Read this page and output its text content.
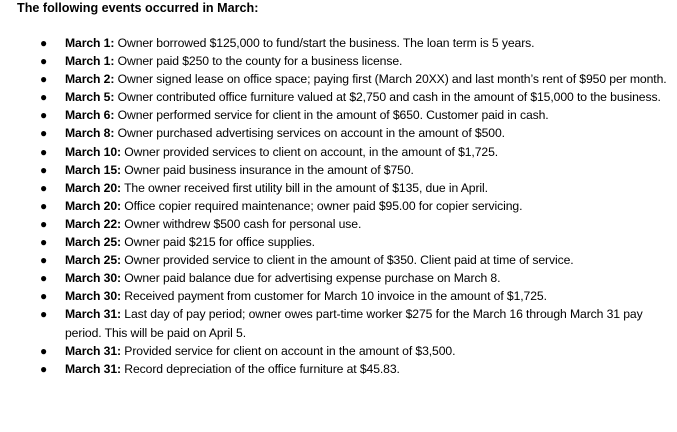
The following events occurred in March:

● March 1: Owner borrowed $125,000 to fund/start the business. The loan term is 5 years.
● March 1: Owner paid $250 to the county for a business license.
● March 2: Owner signed lease on office space; paying first (March 20XX) and last month’s rent of $950 per month.
● March 5: Owner contributed office furniture valued at $2,750 and cash in the amount of $15,000 to the business.
● March 6: Owner performed service for client in the amount of $650. Customer paid in cash.
● March 8: Owner purchased advertising services on account in the amount of $500.
● March 10: Owner provided services to client on account, in the amount of $1,725.
● March 15: Owner paid business insurance in the amount of $750.
● March 20: The owner received first utility bill in the amount of $135, due in April.
● March 20: Office copier required maintenance; owner paid $95.00 for copier servicing.
● March 22: Owner withdrew $500 cash for personal use.
● March 25: Owner paid $215 for office supplies.
● March 25: Owner provided service to client in the amount of $350. Client paid at time of service.
● March 30: Owner paid balance due for advertising expense purchase on March 8.
● March 30: Received payment from customer for March 10 invoice in the amount of $1,725.
● March 31: Last day of pay period; owner owes part-time worker $275 for the March 16 through March 31 pay period. This will be paid on April 5.
● March 31: Provided service for client on account in the amount of $3,500.
● March 31: Record depreciation of the office furniture at $45.83.
